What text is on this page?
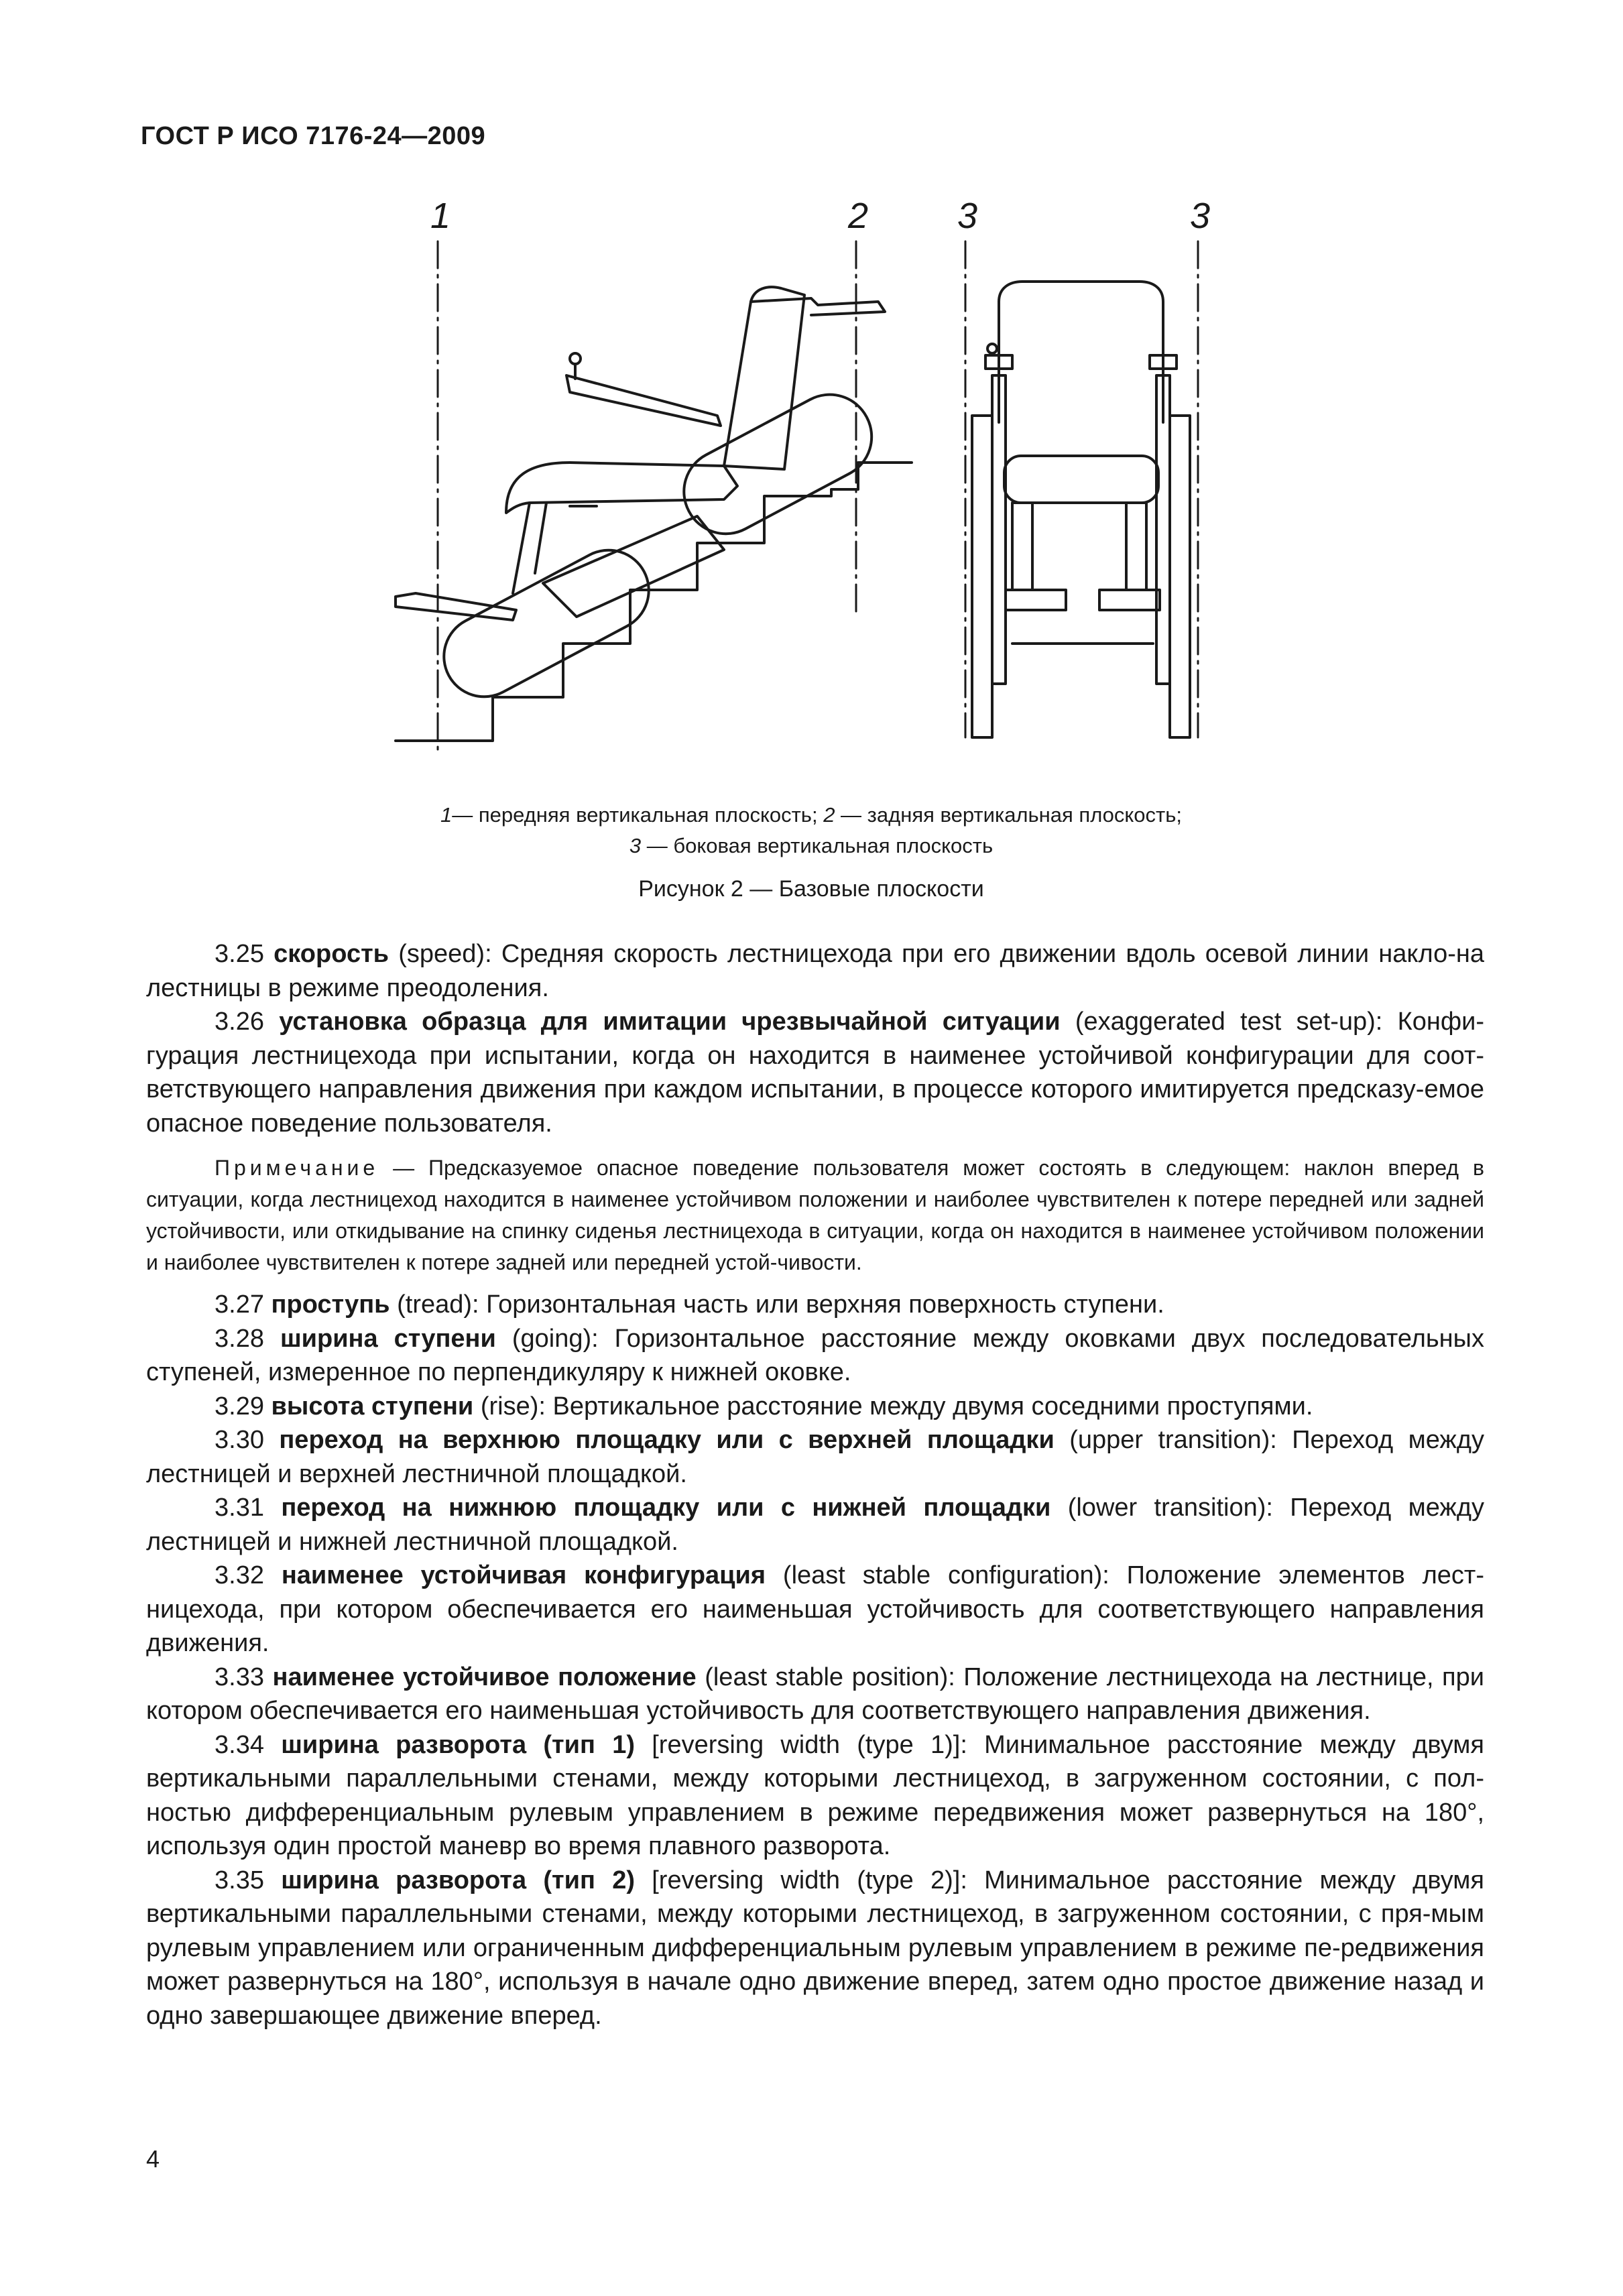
ГОСТ Р ИСО 7176-24—2009
1	2 3	3
1— передняя вертикальная плоскость; 2 — задняя вертикальная плоскость;
3 — боковая вертикальная плоскость
Рисунок 2 — Базовые плоскости

3.25 скорость (speed): Средняя скорость лестницехода при его движении вдоль осевой линии накло-на лестницы в режиме преодоления.

3.26 установка образца для имитации чрезвычайной ситуации (exaggerated test set-up): Конфи-гурация лестницехода при испытании, когда он находится в наименее устойчивой конфигурации для соот-ветствующего направления движения при каждом испытании, в процессе которого имитируется предсказу-емое опасное поведение пользователя.

Примечание — Предсказуемое опасное поведение пользователя может состоять в следующем: наклон вперед в ситуации, когда лестницеход находится в наименее устойчивом положении и наиболее чувствителен к потере передней или задней устойчивости, или откидывание на спинку сиденья лестницехода в ситуации, когда он находится в наименее устойчивом положении и наиболее чувствителен к потере задней или передней устой-чивости.

3.27 проступь (tread): Горизонтальная часть или верхняя поверхность ступени.

3.28 ширина ступени (going): Горизонтальное расстояние между оковками двух последовательных ступеней, измеренное по перпендикуляру к нижней оковке.

3.29 высота ступени (rise): Вертикальное расстояние между двумя соседними проступями.

3.30 переход на верхнюю площадку или с верхней площадки (upper transition): Переход между лестницей и верхней лестничной площадкой.

3.31 переход на нижнюю площадку или с нижней площадки (lower transition): Переход между лестницей и нижней лестничной площадкой.

3.32 наименее устойчивая конфигурация (least stable configuration): Положение элементов лест-ницехода, при котором обеспечивается его наименьшая устойчивость для соответствующего направления движения.

3.33 наименее устойчивое положение (least stable position): Положение лестницехода на лестнице, при котором обеспечивается его наименьшая устойчивость для соответствующего направления движения.

3.34 ширина разворота (тип 1) [reversing width (type 1)]: Минимальное расстояние между двумя вертикальными параллельными стенами, между которыми лестницеход, в загруженном состоянии, с пол-ностью дифференциальным рулевым управлением в режиме передвижения может развернуться на 180°, используя один простой маневр во время плавного разворота.

3.35 ширина разворота (тип 2) [reversing width (type 2)]: Минимальное расстояние между двумя вертикальными параллельными стенами, между которыми лестницеход, в загруженном состоянии, с пря-мым рулевым управлением или ограниченным дифференциальным рулевым управлением в режиме пе-редвижения может развернуться на 180°, используя в начале одно движение вперед, затем одно простое движение назад и одно завершающее движение вперед.

4
